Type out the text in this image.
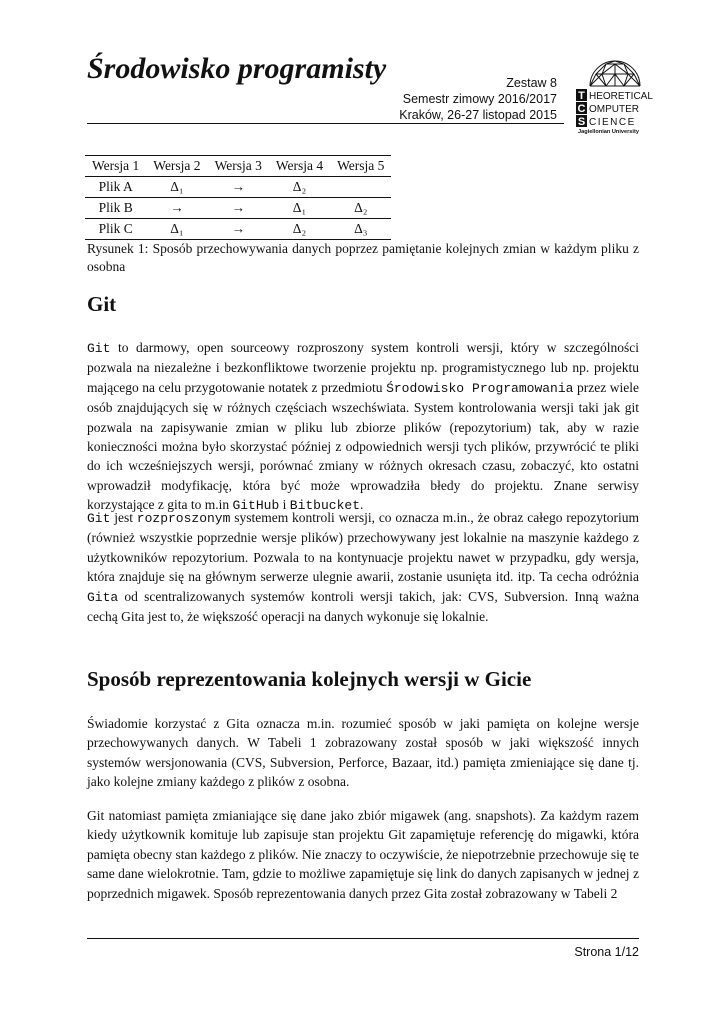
Środowisko programisty	Zestaw 8
Semestr zimowy 2016/2017
Kraków, 26-27 listopad 2015
T
C
S
HEORETICAL
OMPUTER
CIENCE
Jagiellonian University
Wersja 1	Wersja 2	Wersja 3	Wersja 4	Wersja 5
Plik A	Δ₁	→	Δ₂	
Plik B	→	→	Δ₁	Δ₂
Plik C	Δ₁	→	Δ₂	Δ₃
Rysunek 1: Sposób przechowywania danych poprzez pamiętanie kolejnych zmian w każdym pliku z osobna
Git

Git to darmowy, open sourceowy rozproszony system kontroli wersji, który w szczególności pozwala na niezależne i bezkonfliktowe tworzenie projektu np. programistycznego lub np. projektu mającego na celu przygotowanie notatek z przedmiotu Środowisko Programowania przez wiele osób znajdujących się w różnych częściach wszechświata. System kontrolowania wersji taki jak git pozwala na zapisywanie zmian w pliku lub zbiorze plików (repozytorium) tak, aby w razie konieczności można było skorzystać później z odpowiednich wersji tych plików, przywrócić te pliki do ich wcześniejszych wersji, porównać zmiany w różnych okresach czasu, zobaczyć, kto ostatni wprowadził modyfikację, która być może wprowadziła błedy do projektu. Znane serwisy korzystające z gita to m.in GitHub i Bitbucket.

Git jest rozproszonym systemem kontroli wersji, co oznacza m.in., że obraz całego repozytorium (również wszystkie poprzednie wersje plików) przechowywany jest lokalnie na maszynie każdego z użytkowników repozytorium. Pozwala to na kontynuacje projektu nawet w przypadku, gdy wersja, która znajduje się na głównym serwerze ulegnie awarii, zostanie usunięta itd. itp. Ta cecha odróżnia Gita od scentralizowanych systemów kontroli wersji takich, jak: CVS, Subversion. Inną ważna cechą Gita jest to, że większość operacji na danych wykonuje się lokalnie.

Sposób reprezentowania kolejnych wersji w Gicie

Świadomie korzystać z Gita oznacza m.in. rozumieć sposób w jaki pamięta on kolejne wersje przechowywanych danych. W Tabeli 1 zobrazowany został sposób w jaki większość innych systemów wersjonowania (CVS, Subversion, Perforce, Bazaar, itd.) pamięta zmieniające się dane tj. jako kolejne zmiany każdego z plików z osobna.

Git natomiast pamięta zmianiające się dane jako zbiór migawek (ang. snapshots). Za każdym razem kiedy użytkownik komituje lub zapisuje stan projektu Git zapamiętuje referencję do migawki, która pamięta obecny stan każdego z plików. Nie znaczy to oczywiście, że niepotrzebnie przechowuje się te same dane wielokrotnie. Tam, gdzie to możliwe zapamiętuje się link do danych zapisanych w jednej z poprzednich migawek. Sposób reprezentowania danych przez Gita został zobrazowany w Tabeli 2

Strona 1/12
